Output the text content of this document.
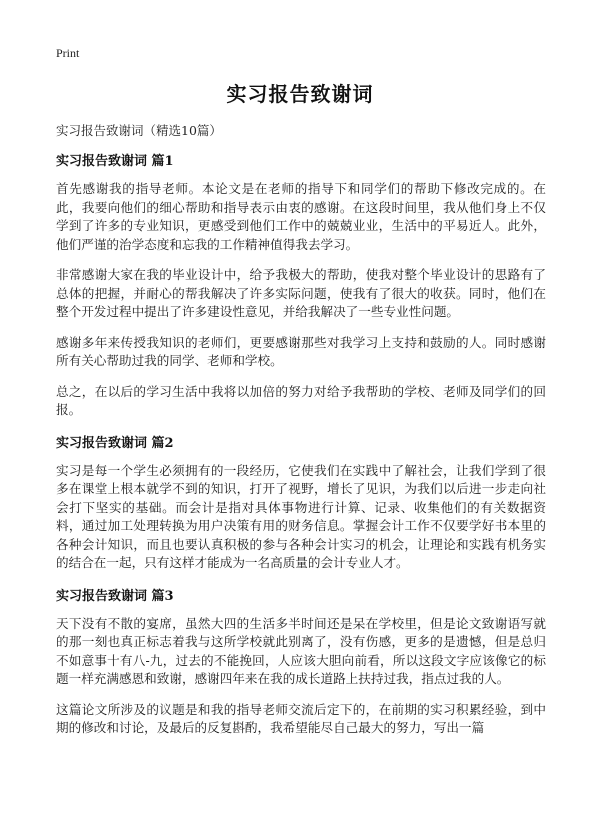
Print
实习报告致谢词
实习报告致谢词（精选10篇）
实习报告致谢词 篇1

首先感谢我的指导老师。本论文是在老师的指导下和同学们的帮助下修改完成的。在此，我要向他们的细心帮助和指导表示由衷的感谢。在这段时间里，我从他们身上不仅学到了许多的专业知识，更感受到他们工作中的兢兢业业，生活中的平易近人。此外，他们严谨的治学态度和忘我的工作精神值得我去学习。

非常感谢大家在我的毕业设计中，给予我极大的帮助，使我对整个毕业设计的思路有了总体的把握，并耐心的帮我解决了许多实际问题，使我有了很大的收获。同时，他们在整个开发过程中提出了许多建设性意见，并给我解决了一些专业性问题。

感谢多年来传授我知识的老师们，更要感谢那些对我学习上支持和鼓励的人。同时感谢所有关心帮助过我的同学、老师和学校。

总之，在以后的学习生活中我将以加倍的努力对给予我帮助的学校、老师及同学们的回报。

实习报告致谢词 篇2

实习是每一个学生必须拥有的一段经历，它使我们在实践中了解社会，让我们学到了很多在课堂上根本就学不到的知识，打开了视野，增长了见识，为我们以后进一步走向社会打下坚实的基础。而会计是指对具体事物进行计算、记录、收集他们的有关数据资料，通过加工处理转换为用户决策有用的财务信息。掌握会计工作不仅要学好书本里的各种会计知识，而且也要认真积极的参与各种会计实习的机会，让理论和实践有机务实的结合在一起，只有这样才能成为一名高质量的会计专业人才。

实习报告致谢词 篇3

天下没有不散的宴席，虽然大四的生活多半时间还是呆在学校里，但是论文致谢语写就的那一刻也真正标志着我与这所学校就此别离了，没有伤感，更多的是遗憾，但是总归不如意事十有八-九，过去的不能挽回，人应该大胆向前看，所以这段文字应该像它的标题一样充满感恩和致谢，感谢四年来在我的成长道路上扶持过我，指点过我的人。

这篇论文所涉及的议题是和我的指导老师交流后定下的，在前期的实习积累经验，到中期的修改和讨论，及最后的反复斟酌，我希望能尽自己最大的努力，写出一篇
